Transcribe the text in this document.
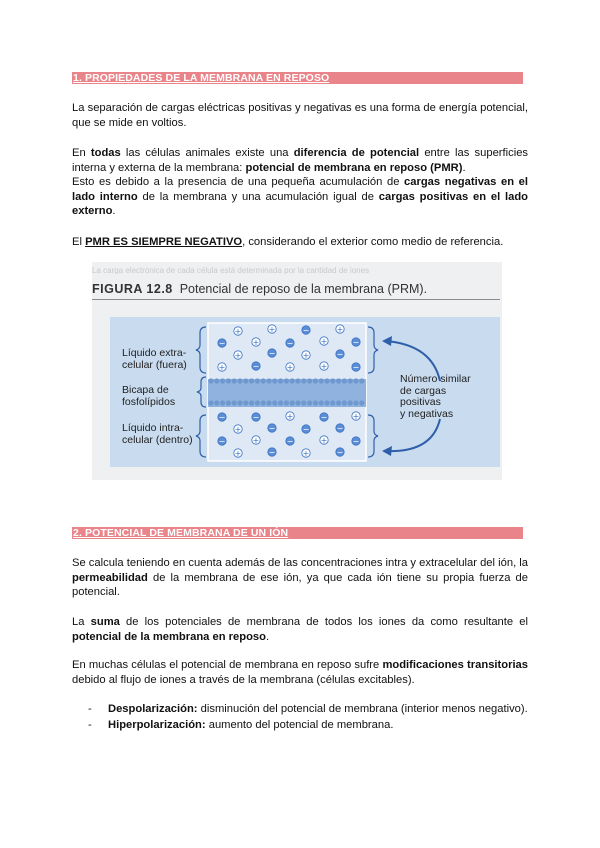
1. PROPIEDADES DE LA MEMBRANA EN REPOSO
La separación de cargas eléctricas positivas y negativas es una forma de energía potencial, que se mide en voltios.
En todas las células animales existe una diferencia de potencial entre las superficies interna y externa de la membrana: potencial de membrana en reposo (PMR).
Esto es debido a la presencia de una pequeña acumulación de cargas negativas en el lado interno de la membrana y una acumulación igual de cargas positivas en el lado externo.
El PMR ES SIEMPRE NEGATIVO, considerando el exterior como medio de referencia.
La carga electrónica de cada célula está determinada por la cantidad de iones
FIGURA 12.8 Potencial de reposo de la membrana (PRM).
+	+	−	+
−	+	−	+	−
+	−	+	−
+	−	+	+	−
−	−	+	−	+
+	−	−	−
−	+	−	+	−
+	−	+	−
Líquido extra-
celular (fuera)
Bicapa de
fosfolípidos
Líquido intra-
celular (dentro)
Número similar
de cargas
positivas
y negativas
2. POTENCIAL DE MEMBRANA DE UN IÓN
Se calcula teniendo en cuenta además de las concentraciones intra y extracelular del ión, la permeabilidad de la membrana de ese ión, ya que cada ión tiene su propia fuerza de potencial.
La suma de los potenciales de membrana de todos los iones da como resultante el potencial de la membrana en reposo.
En muchas células el potencial de membrana en reposo sufre modificaciones transitorias debido al flujo de iones a través de la membrana (células excitables).
-	Despolarización: disminución del potencial de membrana (interior menos negativo).
-	Hiperpolarización: aumento del potencial de membrana.
